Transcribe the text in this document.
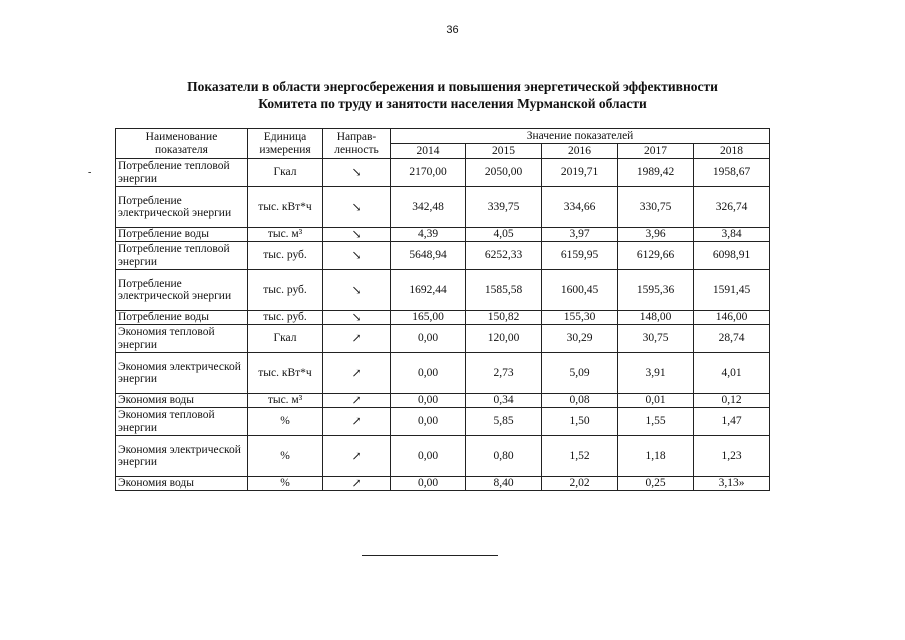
36
Показатели в области энергосбережения и повышения энергетической эффективности
Комитета по труду и занятости населения Мурманской области
-
Наименование показателя	Единица измерения	Направ-ленность	Значение показателей				
			2014	2015	2016	2017	2018
Потребление тепловой энергии	Гкал	↘	2170,00	2050,00	2019,71	1989,42	1958,67
Потребление электрической энергии	тыс. кВт*ч	↘	342,48	339,75	334,66	330,75	326,74
Потребление воды	тыс. м³	↘	4,39	4,05	3,97	3,96	3,84
Потребление тепловой энергии	тыс. руб.	↘	5648,94	6252,33	6159,95	6129,66	6098,91
Потребление электрической энергии	тыс. руб.	↘	1692,44	1585,58	1600,45	1595,36	1591,45
Потребление воды	тыс. руб.	↘	165,00	150,82	155,30	148,00	146,00
Экономия тепловой энергии	Гкал	↗	0,00	120,00	30,29	30,75	28,74
Экономия электрической энергии	тыс. кВт*ч	↗	0,00	2,73	5,09	3,91	4,01
Экономия воды	тыс. м³	↗	0,00	0,34	0,08	0,01	0,12
Экономия тепловой энергии	%	↗	0,00	5,85	1,50	1,55	1,47
Экономия электрической энергии	%	↗	0,00	0,80	1,52	1,18	1,23
Экономия воды	%	↗	0,00	8,40	2,02	0,25	3,13»
